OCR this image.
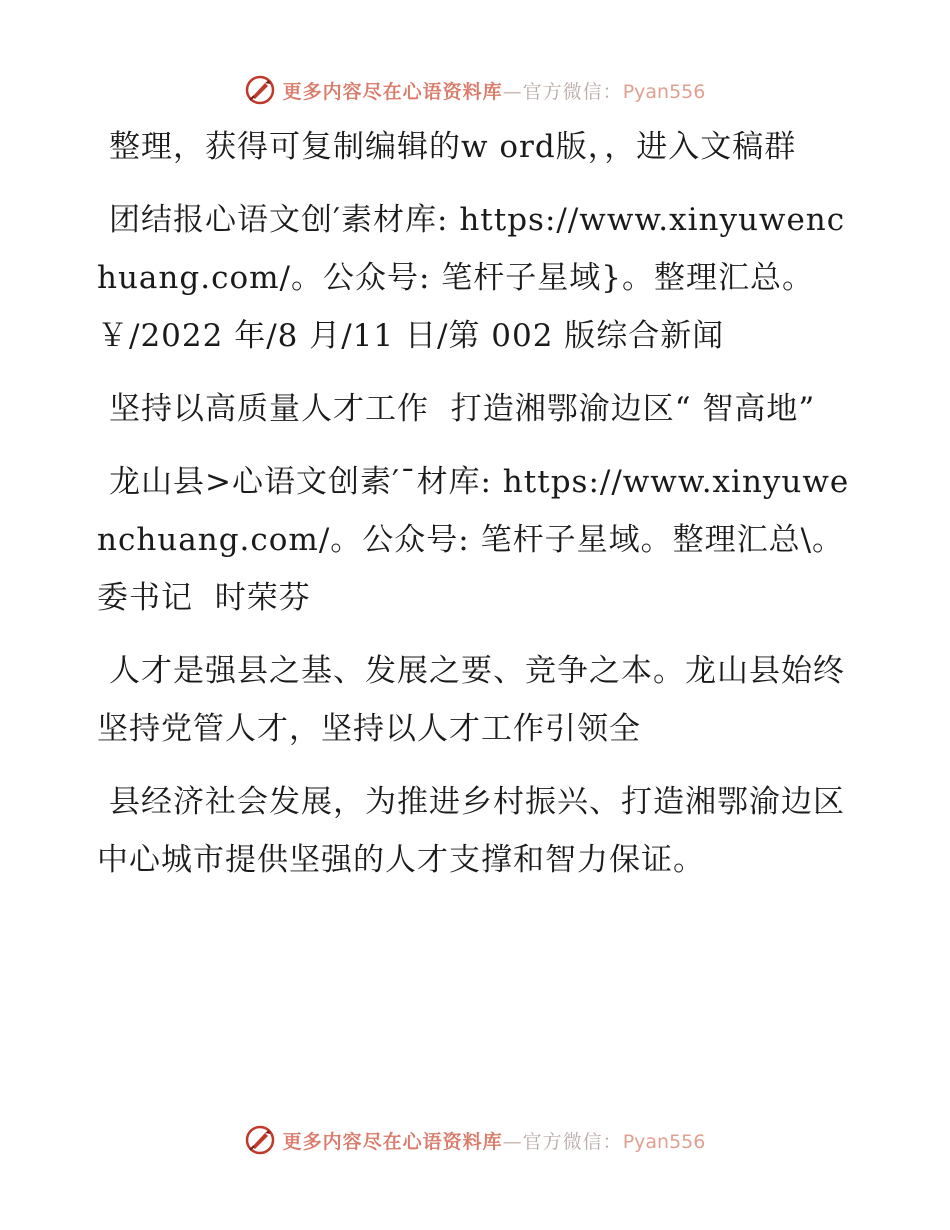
更多内容尽在心语资料库—官方微信：Pyan556

整理，获得可复制编辑的w ord版，，进入文稿群

团结报心语文创′素材库: https://www.xinyuwenchuang.com/。公众号: 笔杆子星域}。整理汇总。￥/2022 年/8 月/11 日/第 002 版综合新闻

坚持以高质量人才工作  打造湘鄂渝边区“ 智高地”

龙山县>心语文创素′¯材库: https://www.xinyuwenchuang.com/。公众号: 笔杆子星域。整理汇总\。委书记  时荣芬

人才是强县之基、发展之要、竞争之本。龙山县始终坚持党管人才，坚持以人才工作引领全

县经济社会发展，为推进乡村振兴、打造湘鄂渝边区中心城市提供坚强的人才支撑和智力保证。

更多内容尽在心语资料库—官方微信：Pyan556
